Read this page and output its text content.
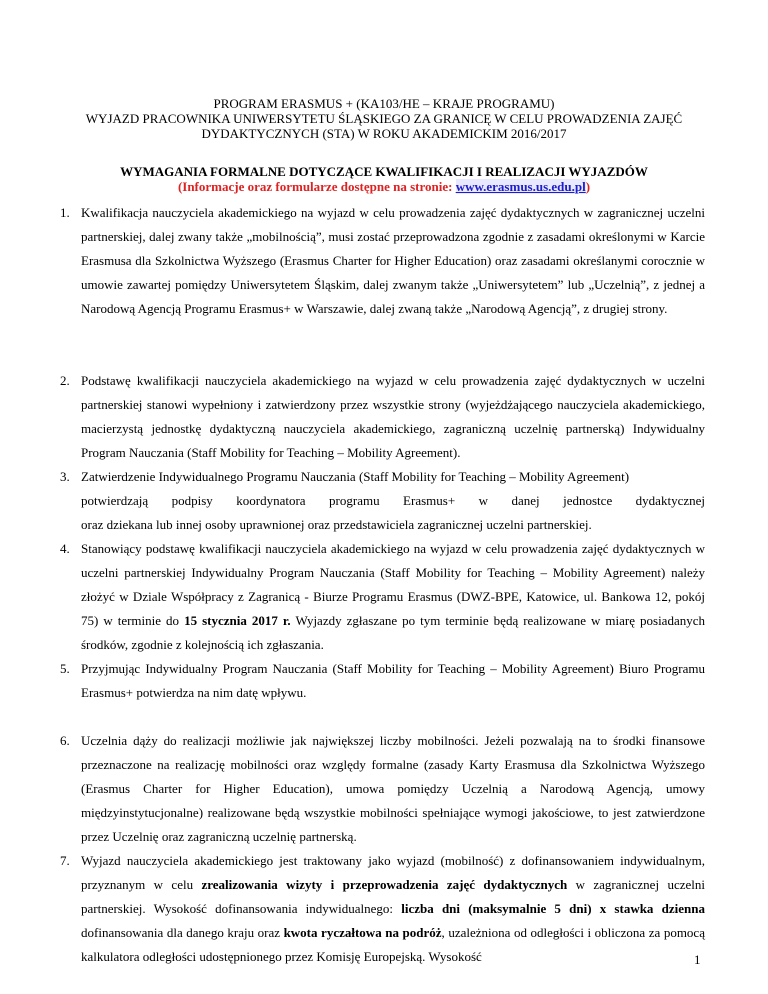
PROGRAM ERASMUS + (KA103/HE – KRAJE PROGRAMU)
WYJAZD PRACOWNIKA UNIWERSYTETU ŚLĄSKIEGO ZA GRANICĘ W CELU PROWADZENIA ZAJĘĆ
DYDAKTYCZNYCH (STA) W ROKU AKADEMICKIM 2016/2017
WYMAGANIA FORMALNE DOTYCZĄCE KWALIFIKACJI I REALIZACJI WYJAZDÓW
(Informacje oraz formularze dostępne na stronie: www.erasmus.us.edu.pl)
1. Kwalifikacja nauczyciela akademickiego na wyjazd w celu prowadzenia zajęć dydaktycznych w zagranicznej uczelni partnerskiej, dalej zwany także „mobilnością”, musi zostać przeprowadzona zgodnie z zasadami określonymi w Karcie Erasmusa dla Szkolnictwa Wyższego (Erasmus Charter for Higher Education) oraz zasadami określanymi corocznie w umowie zawartej pomiędzy Uniwersytetem Śląskim, dalej zwanym także „Uniwersytetem” lub „Uczelnią”, z jednej a Narodową Agencją Programu Erasmus+ w Warszawie, dalej zwaną także „Narodową Agencją”, z drugiej strony.

2. Podstawę kwalifikacji nauczyciela akademickiego na wyjazd w celu prowadzenia zajęć dydaktycznych w uczelni partnerskiej stanowi wypełniony i zatwierdzony przez wszystkie strony (wyjeżdżającego nauczyciela akademickiego, macierzystą jednostkę dydaktyczną nauczyciela akademickiego, zagraniczną uczelnię partnerską) Indywidualny Program Nauczania (Staff Mobility for Teaching – Mobility Agreement).

3. Zatwierdzenie Indywidualnego Programu Nauczania (Staff Mobility for Teaching – Mobility Agreement)

potwierdzają podpisy koordynatora programu Erasmus+ w danej jednostce dydaktycznej

oraz dziekana lub innej osoby uprawnionej oraz przedstawiciela zagranicznej uczelni partnerskiej.

4. Stanowiący podstawę kwalifikacji nauczyciela akademickiego na wyjazd w celu prowadzenia zajęć dydaktycznych w uczelni partnerskiej Indywidualny Program Nauczania (Staff Mobility for Teaching – Mobility Agreement) należy złożyć w Dziale Współpracy z Zagranicą - Biurze Programu Erasmus (DWZ-BPE, Katowice, ul. Bankowa 12, pokój 75) w terminie do 15 stycznia 2017 r. Wyjazdy zgłaszane po tym terminie będą realizowane w miarę posiadanych środków, zgodnie z kolejnością ich zgłaszania.

5. Przyjmując Indywidualny Program Nauczania (Staff Mobility for Teaching – Mobility Agreement) Biuro Programu Erasmus+ potwierdza na nim datę wpływu.

6. Uczelnia dąży do realizacji możliwie jak największej liczby mobilności. Jeżeli pozwalają na to środki finansowe przeznaczone na realizację mobilności oraz względy formalne (zasady Karty Erasmusa dla Szkolnictwa Wyższego (Erasmus Charter for Higher Education), umowa pomiędzy Uczelnią a Narodową Agencją, umowy międzyinstytucjonalne) realizowane będą wszystkie mobilności spełniające wymogi jakościowe, to jest zatwierdzone przez Uczelnię oraz zagraniczną uczelnię partnerską.

7. Wyjazd nauczyciela akademickiego jest traktowany jako wyjazd (mobilność) z dofinansowaniem indywidualnym, przyznanym w celu zrealizowania wizyty i przeprowadzenia zajęć dydaktycznych w zagranicznej uczelni partnerskiej. Wysokość dofinansowania indywidualnego: liczba dni (maksymalnie 5 dni) x stawka dzienna dofinansowania dla danego kraju oraz kwota ryczałtowa na podróż, uzależniona od odległości i obliczona za pomocą kalkulatora odległości udostępnionego przez Komisję Europejską. Wysokość	1
